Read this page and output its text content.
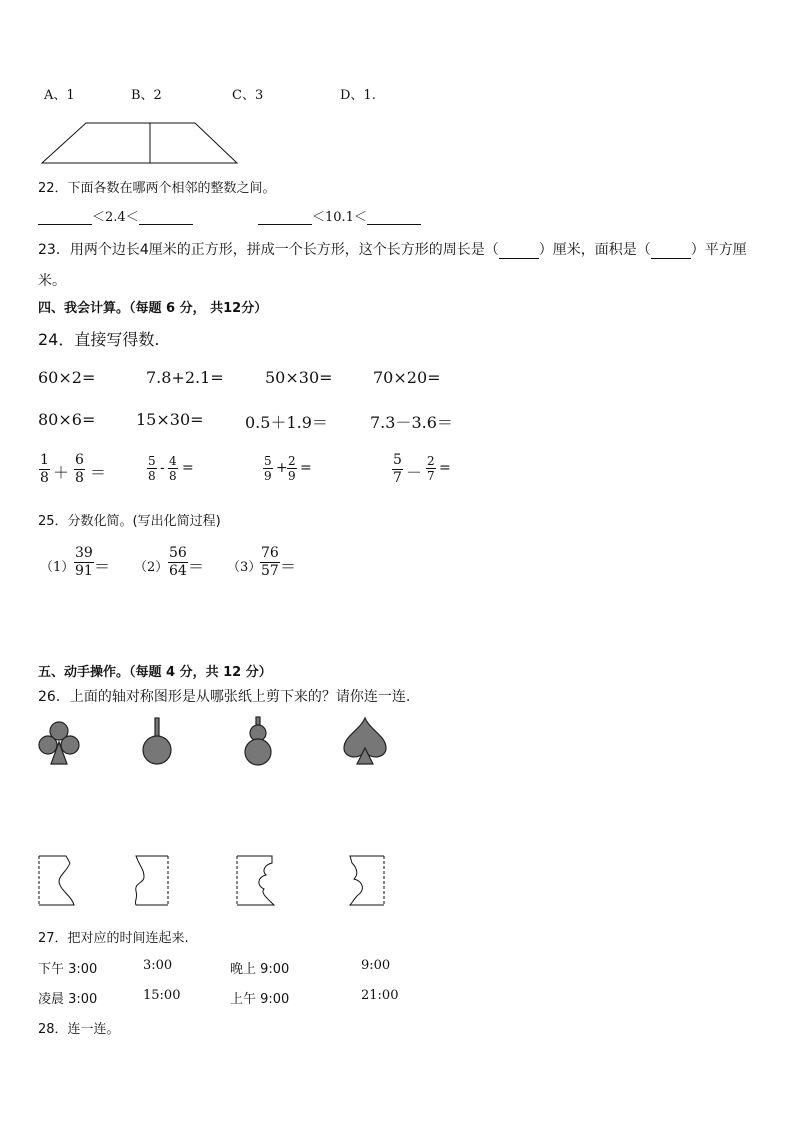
A、1	B、2	C、3	D、1.
22．下面各数在哪两个相邻的整数之间。
＜2.4＜	＜10.1＜
23．用两个边长4厘米的正方形，拼成一个长方形，这个长方形的周长是（	）厘米，面积是（	）平方厘
米。
四、我会计算。（每题 6 分， 共12分）
24．直接写得数.
60×2=	7.8+2.1=	50×30=	70×20=
80×6=	15×30=	0.5＋1.9＝	7.3－3.6＝
$\frac{1}{8} + \frac{6}{8}$ ＝	$\frac{5}{8} - \frac{4}{8}$ =	$\frac{5}{9} + \frac{2}{9}$ =	$\frac{5}{7} - \frac{2}{7}$ =
25．分数化简。(写出化简过程)
$(1) \frac{39}{91} = (2) \frac{56}{64} = (3)$
$\frac{76}{57}$ ＝
五、动手操作。（每题 4 分，共 12 分）
26．上面的轴对称图形是从哪张纸上剪下来的？请你连一连.
27．把对应的时间连起来.
下午 3:00	3:00	晚上 9:00	9:00
凌晨 3:00	15:00	上午 9:00	21:00
28．连一连。
